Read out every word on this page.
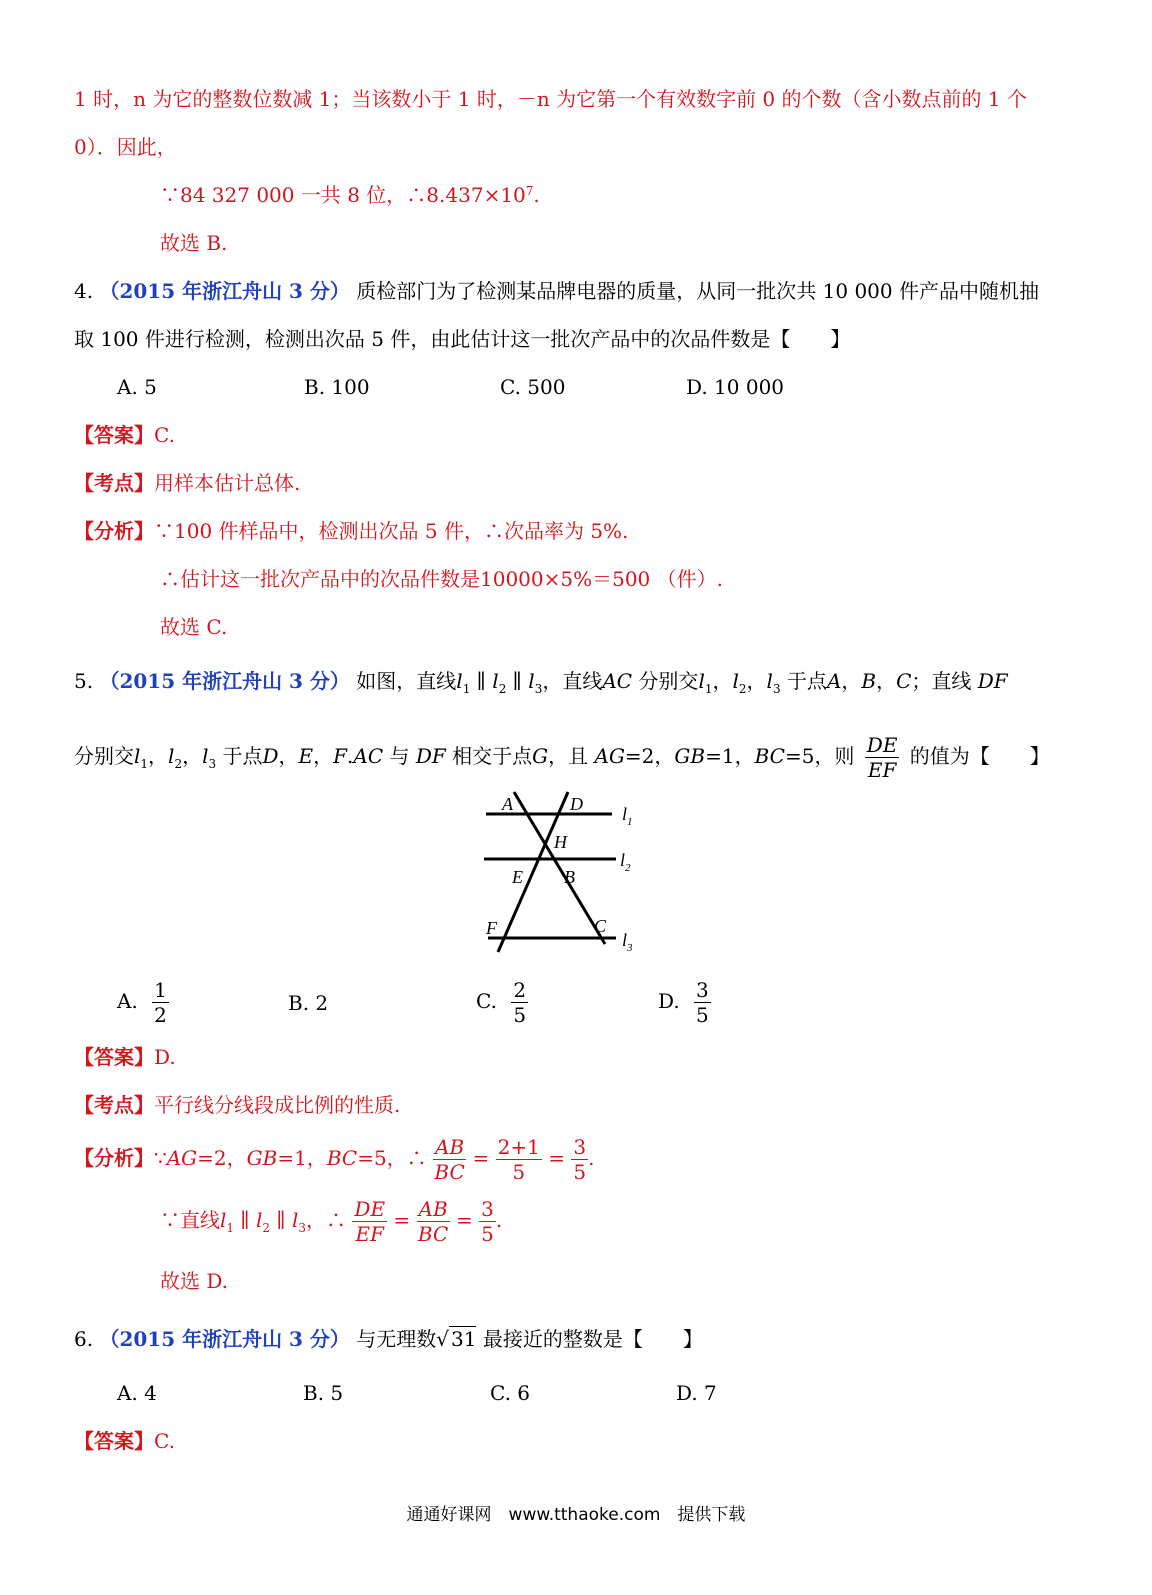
1 时，n 为它的整数位数减 1；当该数小于 1 时，－n 为它第一个有效数字前 0 的个数（含小数点前的 1 个
0）．因此，
∵84 327 000 一共 8 位，$\therefore 8.437\times 10^7$.
故选 B.
4. （2015 年浙江舟山 3 分） 质检部门为了检测某品牌电器的质量，从同一批次共 10 000 件产品中随机抽
取 100 件进行检测，检测出次品 5 件，由此估计这一批次产品中的次品件数是【　　】
A. 5	B. 100	C. 500	D. 10 000
【答案】C.
【考点】用样本估计总体.
【分析】∵100 件样品中，检测出次品 5 件，∴次品率为 5%.
∴估计这一批次产品中的次品件数是10000×5%＝500 （件）.
故选 C.
5. （2015 年浙江舟山 3 分） 如图，直线$l_1$ ∥ $l_2$ ∥ $l_3$，直线AC 分别交$l_1$，$l_2$，$l_3$ 于点A，B，C；直线 DF
分别交$l_1$，$l_2$，$l_3$ 于点D，E，F.AC 与 DF 相交于点G，且 AG=2，GB=1，BC=5，则 $\frac{DE}{EF}$ 的值为【　　】
A	D
H
E B
F	C
$l_1$
$l_2$
$l_3$
A. $\frac{1}{2}$	B. 2	C. $\frac{2}{5}$	D. $\frac{3}{5}$
【答案】D.
【考点】平行线分线段成比例的性质.
【分析】∵AG=2，GB=1，BC=5，∴ $\frac{AB}{BC} = \frac{2+1}{5} = \frac{3}{5}$ .
∵直线$l_1$ ∥ $l_2$ ∥ $l_3$，∴ $\frac{DE}{EF} = \frac{AB}{BC} = \frac{3}{5}$ .
故选 D.
6. （2015 年浙江舟山 3 分） 与无理数√ 31 最接近的整数是【　　】
A. 4	B. 5	C. 6	D. 7
【答案】C.
通通好课网　www.tthaoke.com　提供下载
